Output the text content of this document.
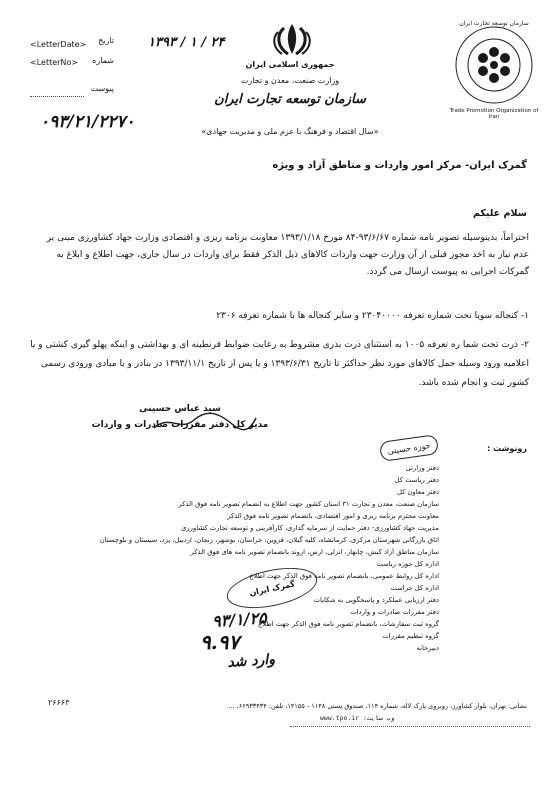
<LetterDate>
<LetterNo>
تاریخ
شماره
پیوست
۱۳۹۳ / ۱ / ۲۴
۰۹۳/۲۱/۲۲۷۰
جمهوری اسلامی ایران
وزارت صنعت، معدن و تجارت
سازمان توسعه تجارت ایران
«سال اقتصاد و فرهنگ با عزم ملی و مدیریت جهادی»
سازمان توسعه تجارت ایران
Trade Promotion Organization of Iran
گمرک ایران- مرکز امور واردات و مناطق آزاد و ویژه
سلام علیکم
احتراماً، بدینوسیله تصویر نامه شماره ۹۳/۶/۶۷-۸۴ مورخ ۱۳۹۳/۱/۱۸ معاونت برنامه ریزی و اقتصادی وزارت جهاد کشاورزی مبنی بر عدم نیاز به اخذ مجوز قبلی از آن وزارت جهت واردات کالاهای ذیل الذکر فقط برای واردات در سال جاری، جهت اطلاع و ابلاغ به گمرکات اجرایی به پیوست ارسال می گردد.
۱- کنجاله سویا تحت شماره تعرفه ۲۳۰۴۰۰۰۰ و سایر کنجاله ها با شماره تعرفه ۲۳۰۶
۲- ذرت تحت شما ره تعرفه ۱۰۰۵ به استثنای ذرت بذری مشروط به رعایت ضوابط قرنطینه ای و بهداشتی و اینکه پهلو گیری کشتی و یا اعلامیه ورود وسیله حمل کالاهای مورد نظر حداکثر تا تاریخ ۱۳۹۳/۶/۳۱ و یا پس از تاریخ ۱۳۹۳/۱۱/۱ در بنادر و یا مبادی ورودی رسمی کشور ثبت و انجام شده باشد.
سید عباس حسینی
مدیر کل دفتر مقررات صادرات و واردات
حوزه حسینی	رونوشت :
دفتر وزارتی
دفتر ریاست کل
دفتر معاون کل
سازمان صنعت، معدن و تجارت ۳۱ استان کشور جهت اطلاع به انضمام تصویر نامه فوق الذکر
معاونت محترم برنامه ریزی و امور اقتصادی، بانضمام تصویر نامه فوق الذکر
مدیریت جهاد کشاورزی- دفتر حمایت از سرمایه گذاری، کارآفرینی و توسعه تجارت کشاورزی
اتاق بازرگانی شهرستان مرکزی، کرمانشاه، کلیه گیلان، قزوین، خراسان، بوشهر، زنجان، اردبیل، یزد، سیستان و بلوچستان
سازمان مناطق آزاد کیش، چابهار، انزلی، ارس، اروند بانضمام تصویر نامه های فوق الذکر
اداره کل حوزه ریاست
اداره کل روابط عمومی، بانضمام تصویر نامه فوق الذکر جهت اطلاع
اداره کل حراست
دفتر ارزیابی عملکرد و پاسخگویی به شکایات
دفتر مقررات صادرات و واردات
گروه ثبت سفارشات، بانضمام تصویر نامه فوق الذکر جهت اطلاع
گروه تنظیم مقررات
دبیرخانه
گمرک ایران
۹۳/۱/۲۵
۹.۹۷
وارد شد
۲۶۶۶۳	نشانی: تهران، بلوار کشاورز، روبروی پارک لاله، شماره ۱۱۴، صندوق پستی ۱۱۴۸ - ۱۴۱۵۵، تلفن: ۶۶۹۳۳۴۳۴، ...
www.tpo.ir :وب سایت
